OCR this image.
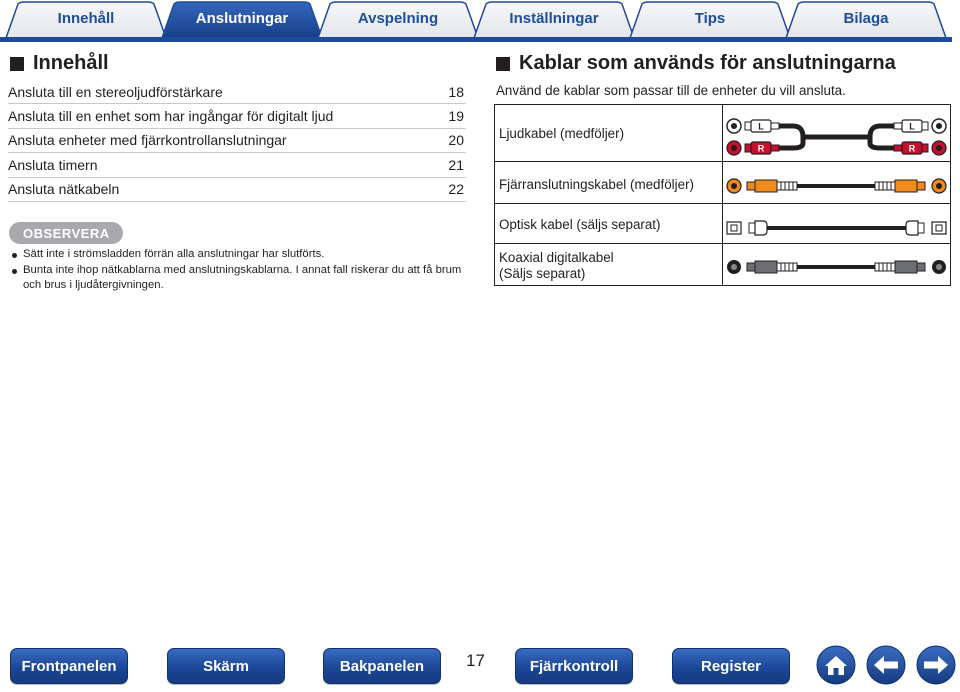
Innehåll	Anslutningar	Avspelning	Inställningar	Tips	Bilaga
Innehåll
Ansluta till en stereoljudförstärkare	18
Ansluta till en enhet som har ingångar för digitalt ljud	19
Ansluta enheter med fjärrkontrollanslutningar	20
Ansluta timern	21
Ansluta nätkabeln	22
OBSERVERA
Sätt inte i strömsladden förrän alla anslutningar har slutförts.
Bunta inte ihop nätkablarna med anslutningskablarna. I annat fall riskerar du att få brum och brus i ljudåtergivningen.
Kablar som används för anslutningarna
Använd de kablar som passar till de enheter du vill ansluta.
Ljudkabel (medföljer)	L
R
L
R
Fjärranslutningskabel (medföljer)
Optisk kabel (säljs separat)
Koaxial digitalkabel
(Säljs separat)
Frontpanelen	Skärm	Bakpanelen	17	Fjärrkontroll	Register
